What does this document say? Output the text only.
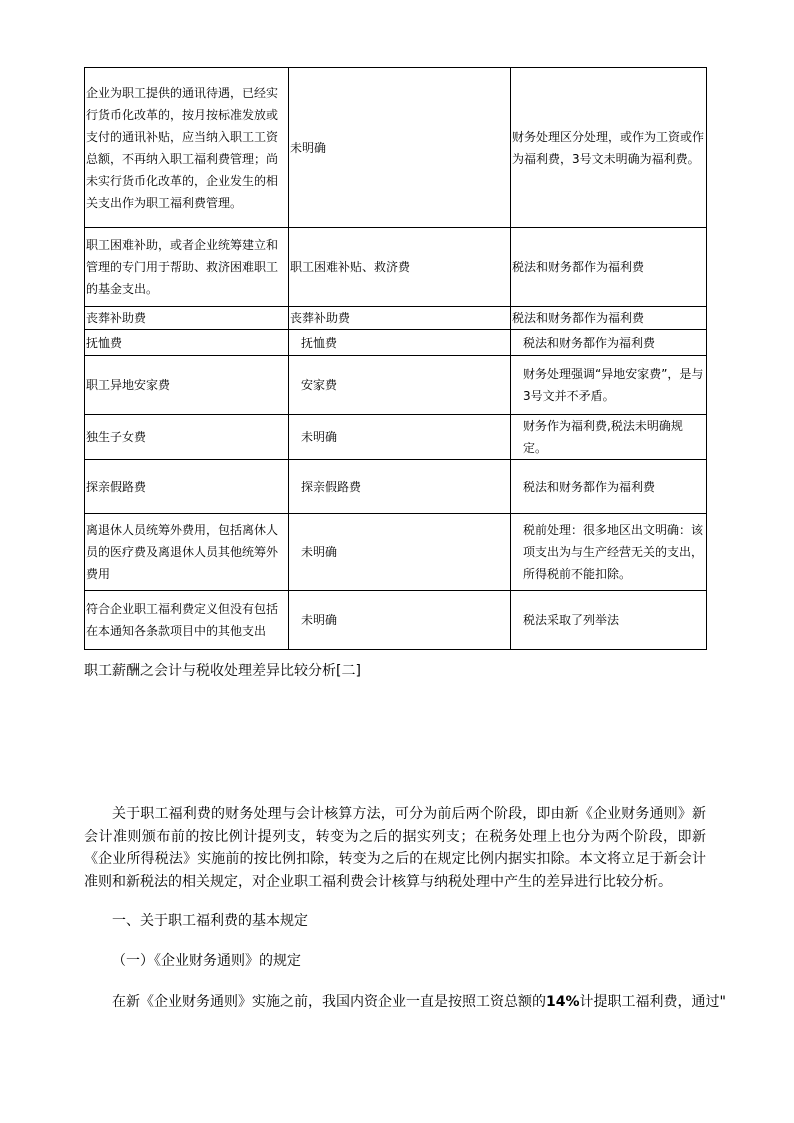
企业为职工提供的通讯待遇，已经实行货币化改革的，按月按标准发放或支付的通讯补贴，应当纳入职工工资总额，不再纳入职工福利费管理；尚未实行货币化改革的，企业发生的相关支出作为职工福利费管理。	未明确	财务处理区分处理，或作为工资或作为福利费，3号文未明确为福利费。
职工困难补助，或者企业统筹建立和管理的专门用于帮助、救济困难职工的基金支出。	职工困难补贴、救济费	税法和财务都作为福利费
丧葬补助费	丧葬补助费	税法和财务都作为福利费
抚恤费	抚恤费	税法和财务都作为福利费
职工异地安家费	安家费	财务处理强调“异地安家费”，是与3号文并不矛盾。
独生子女费	未明确	财务作为福利费,税法未明确规定。
探亲假路费	探亲假路费	税法和财务都作为福利费
离退休人员统筹外费用，包括离休人员的医疗费及离退休人员其他统筹外费用	未明确	税前处理：很多地区出文明确：该项支出为与生产经营无关的支出，所得税前不能扣除。
符合企业职工福利费定义但没有包括在本通知各条款项目中的其他支出	未明确	税法采取了列举法

职工薪酬之会计与税收处理差异比较分析[二]

关于职工福利费的财务处理与会计核算方法，可分为前后两个阶段，即由新《企业财务通则》新会计准则颁布前的按比例计提列支，转变为之后的据实列支；在税务处理上也分为两个阶段，即新《企业所得税法》实施前的按比例扣除，转变为之后的在规定比例内据实扣除。本文将立足于新会计准则和新税法的相关规定，对企业职工福利费会计核算与纳税处理中产生的差异进行比较分析。

一、关于职工福利费的基本规定

（一）《企业财务通则》的规定

在新《企业财务通则》实施之前，我国内资企业一直是按照工资总额的14%计提职工福利费，通过"
